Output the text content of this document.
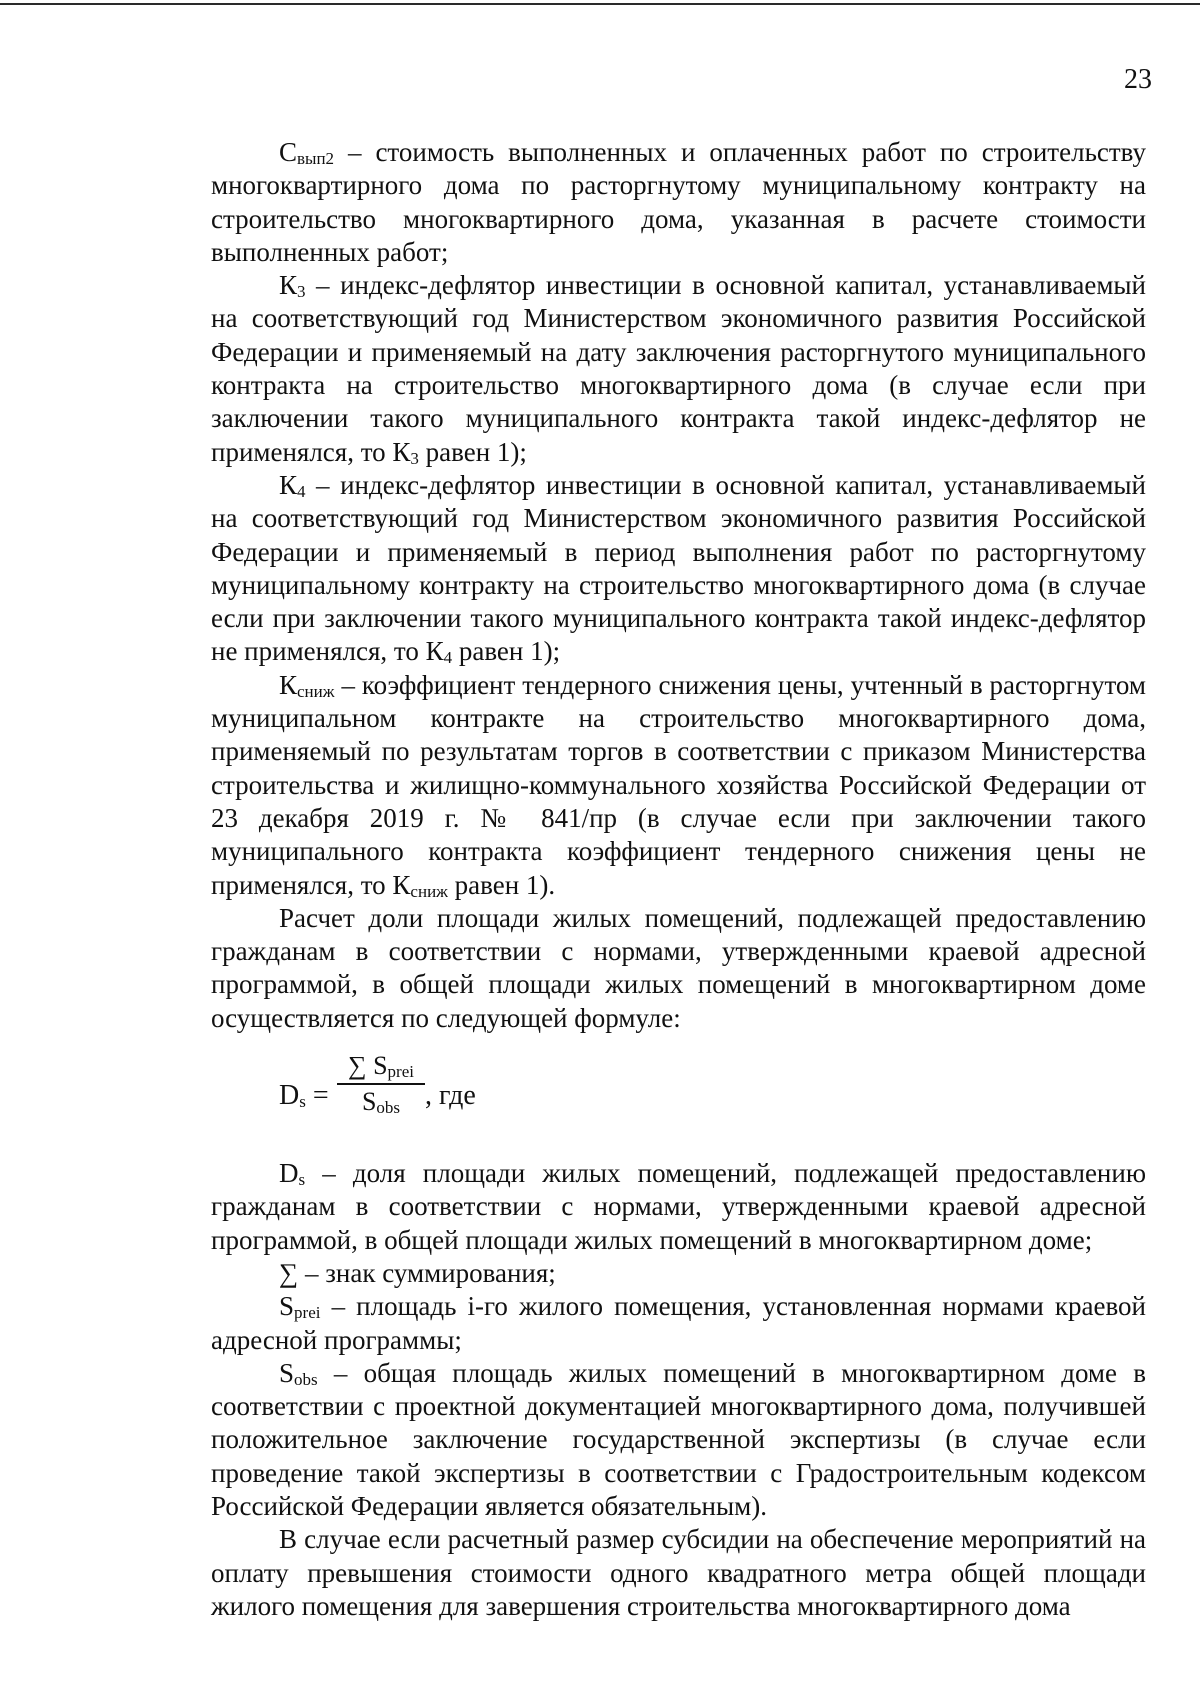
23

$С_{вып2}$ – стоимость выполненных и оплаченных работ по строительству многоквартирного дома по расторгнутому муниципальному контракту на строительство многоквартирного дома, указанная в расчете стоимости выполненных работ;

$К_3$ – индекс-дефлятор инвестиции в основной капитал, устанавливаемый на соответствующий год Министерством экономичного развития Российской Федерации и применяемый на дату заключения расторгнутого муниципального контракта на строительство многоквартирного дома (в случае если при заключении такого муниципального контракта такой индекс-дефлятор не применялся, то $К_3$ равен 1);

$К_4$ – индекс-дефлятор инвестиции в основной капитал, устанавливаемый на соответствующий год Министерством экономичного развития Российской Федерации и применяемый в период выполнения работ по расторгнутому муниципальному контракту на строительство многоквартирного дома (в случае если при заключении такого муниципального контракта такой индекс-дефлятор не применялся, то $К_4$ равен 1);

$К_{сниж}$ – коэффициент тендерного снижения цены, учтенный в расторгнутом муниципальном контракте на строительство многоквартирного дома, применяемый по результатам торгов в соответствии с приказом Министерства строительства и жилищно-коммунального хозяйства Российской Федерации от 23 декабря 2019 г. № 841/пр (в случае если при заключении такого муниципального контракта коэффициент тендерного снижения цены не применялся, то $К_{сниж}$ равен 1).

Расчет доли площади жилых помещений, подлежащей предоставлению гражданам в соответствии с нормами, утвержденными краевой адресной программой, в общей площади жилых помещений в многоквартирном доме осуществляется по следующей формуле:

$D_s$ =
∑ $S_{prei}$
$S_{obs}$ , где

$D_s$ – доля площади жилых помещений, подлежащей предоставлению гражданам в соответствии с нормами, утвержденными краевой адресной программой, в общей площади жилых помещений в многоквартирном доме;

∑ – знак суммирования;

$S_{prei}$ – площадь i-го жилого помещения, установленная нормами краевой адресной программы;

$S_{obs}$ – общая площадь жилых помещений в многоквартирном доме в соответствии с проектной документацией многоквартирного дома, получившей положительное заключение государственной экспертизы (в случае если проведение такой экспертизы в соответствии с Градостроительным кодексом Российской Федерации является обязательным).

В случае если расчетный размер субсидии на обеспечение мероприятий на оплату превышения стоимости одного квадратного метра общей площади жилого помещения для завершения строительства многоквартирного дома
